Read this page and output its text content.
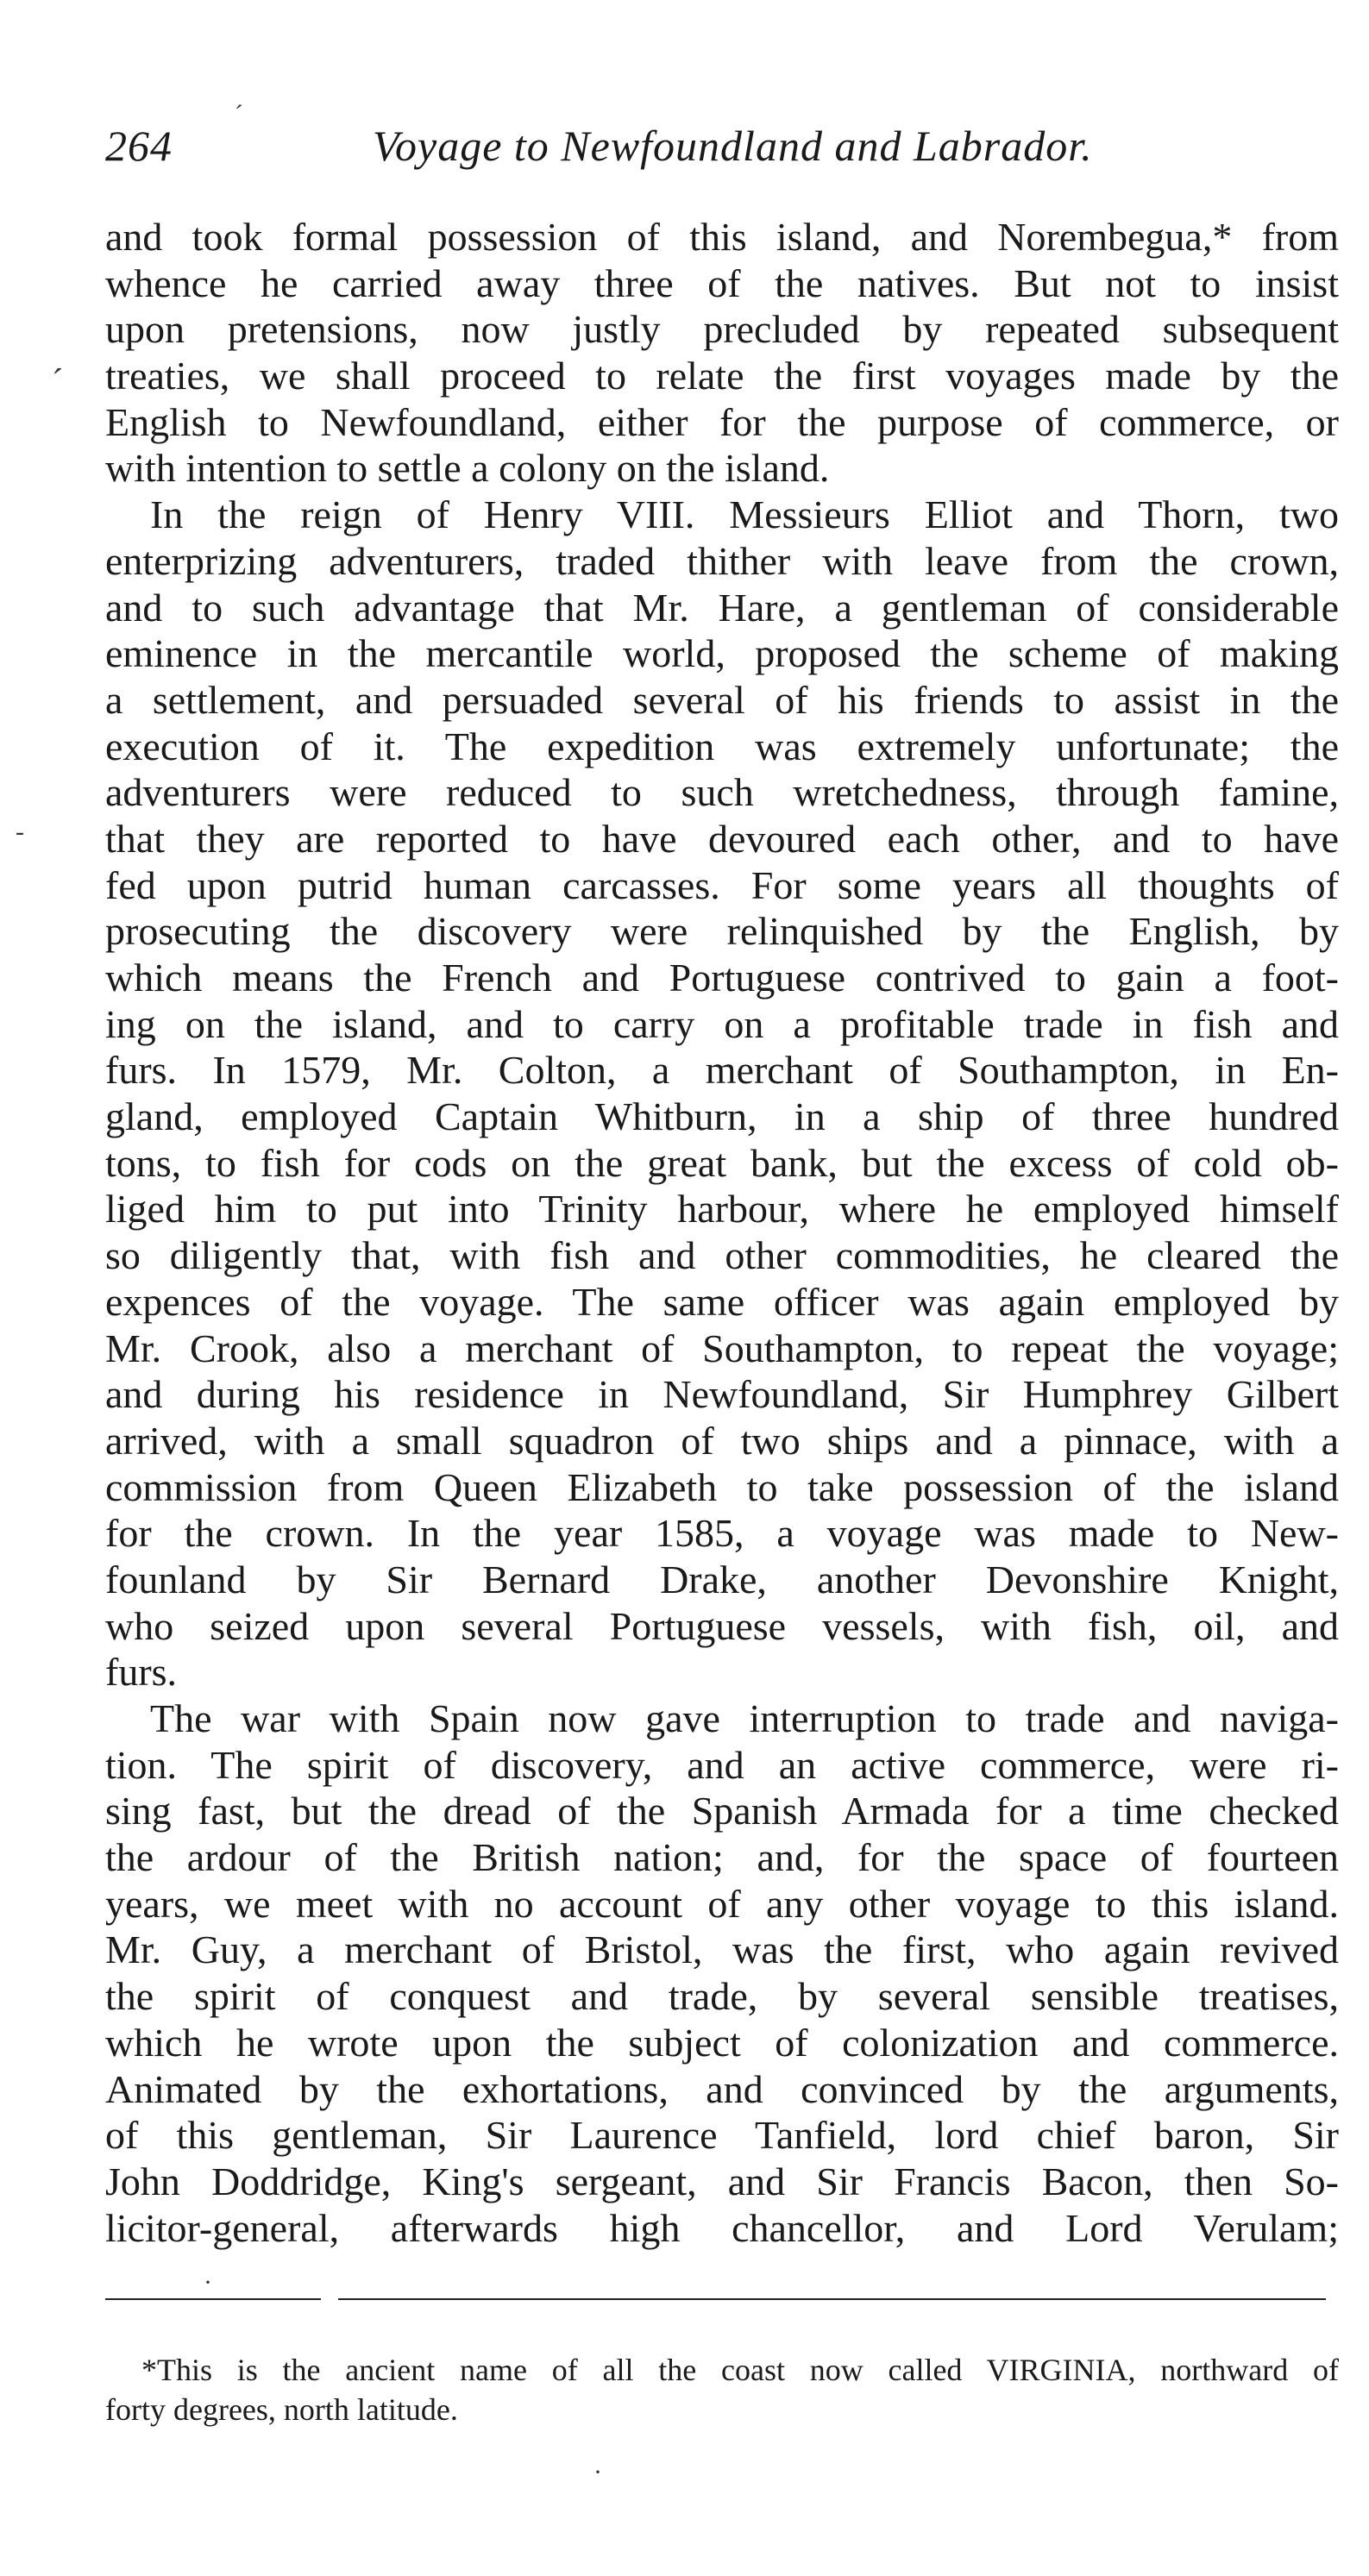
264	Voyage to Newfoundland and Labrador.
ˊ
ˊ
-
and took formal possession of this island, and Norembegua,* from
whence he carried away three of the natives. But not to insist
upon pretensions, now justly precluded by repeated subsequent
treaties, we shall proceed to relate the first voyages made by the
English to Newfoundland, either for the purpose of commerce, or
with intention to settle a colony on the island.
In the reign of Henry VIII. Messieurs Elliot and Thorn, two
enterprizing adventurers, traded thither with leave from the crown,
and to such advantage that Mr. Hare, a gentleman of considerable
eminence in the mercantile world, proposed the scheme of making
a settlement, and persuaded several of his friends to assist in the
execution of it. The expedition was extremely unfortunate; the
adventurers were reduced to such wretchedness, through famine,
that they are reported to have devoured each other, and to have
fed upon putrid human carcasses. For some years all thoughts of
prosecuting the discovery were relinquished by the English, by
which means the French and Portuguese contrived to gain a foot-
ing on the island, and to carry on a profitable trade in fish and
furs. In 1579, Mr. Colton, a merchant of Southampton, in En-
gland, employed Captain Whitburn, in a ship of three hundred
tons, to fish for cods on the great bank, but the excess of cold ob-
liged him to put into Trinity harbour, where he employed himself
so diligently that, with fish and other commodities, he cleared the
expences of the voyage. The same officer was again employed by
Mr. Crook, also a merchant of Southampton, to repeat the voyage;
and during his residence in Newfoundland, Sir Humphrey Gilbert
arrived, with a small squadron of two ships and a pinnace, with a
commission from Queen Elizabeth to take possession of the island
for the crown. In the year 1585, a voyage was made to New-
founland by Sir Bernard Drake, another Devonshire Knight,
who seized upon several Portuguese vessels, with fish, oil, and
furs.
The war with Spain now gave interruption to trade and naviga-
tion. The spirit of discovery, and an active commerce, were ri-
sing fast, but the dread of the Spanish Armada for a time checked
the ardour of the British nation; and, for the space of fourteen
years, we meet with no account of any other voyage to this island.
Mr. Guy, a merchant of Bristol, was the first, who again revived
the spirit of conquest and trade, by several sensible treatises,
which he wrote upon the subject of colonization and commerce.
Animated by the exhortations, and convinced by the arguments,
of this gentleman, Sir Laurence Tanfield, lord chief baron, Sir
John Doddridge, King's sergeant, and Sir Francis Bacon, then So-
licitor-general, afterwards high chancellor, and Lord Verulam;
·
*This is the ancient name of all the coast now called VIRGINIA, northward of
forty degrees, north latitude.
·
